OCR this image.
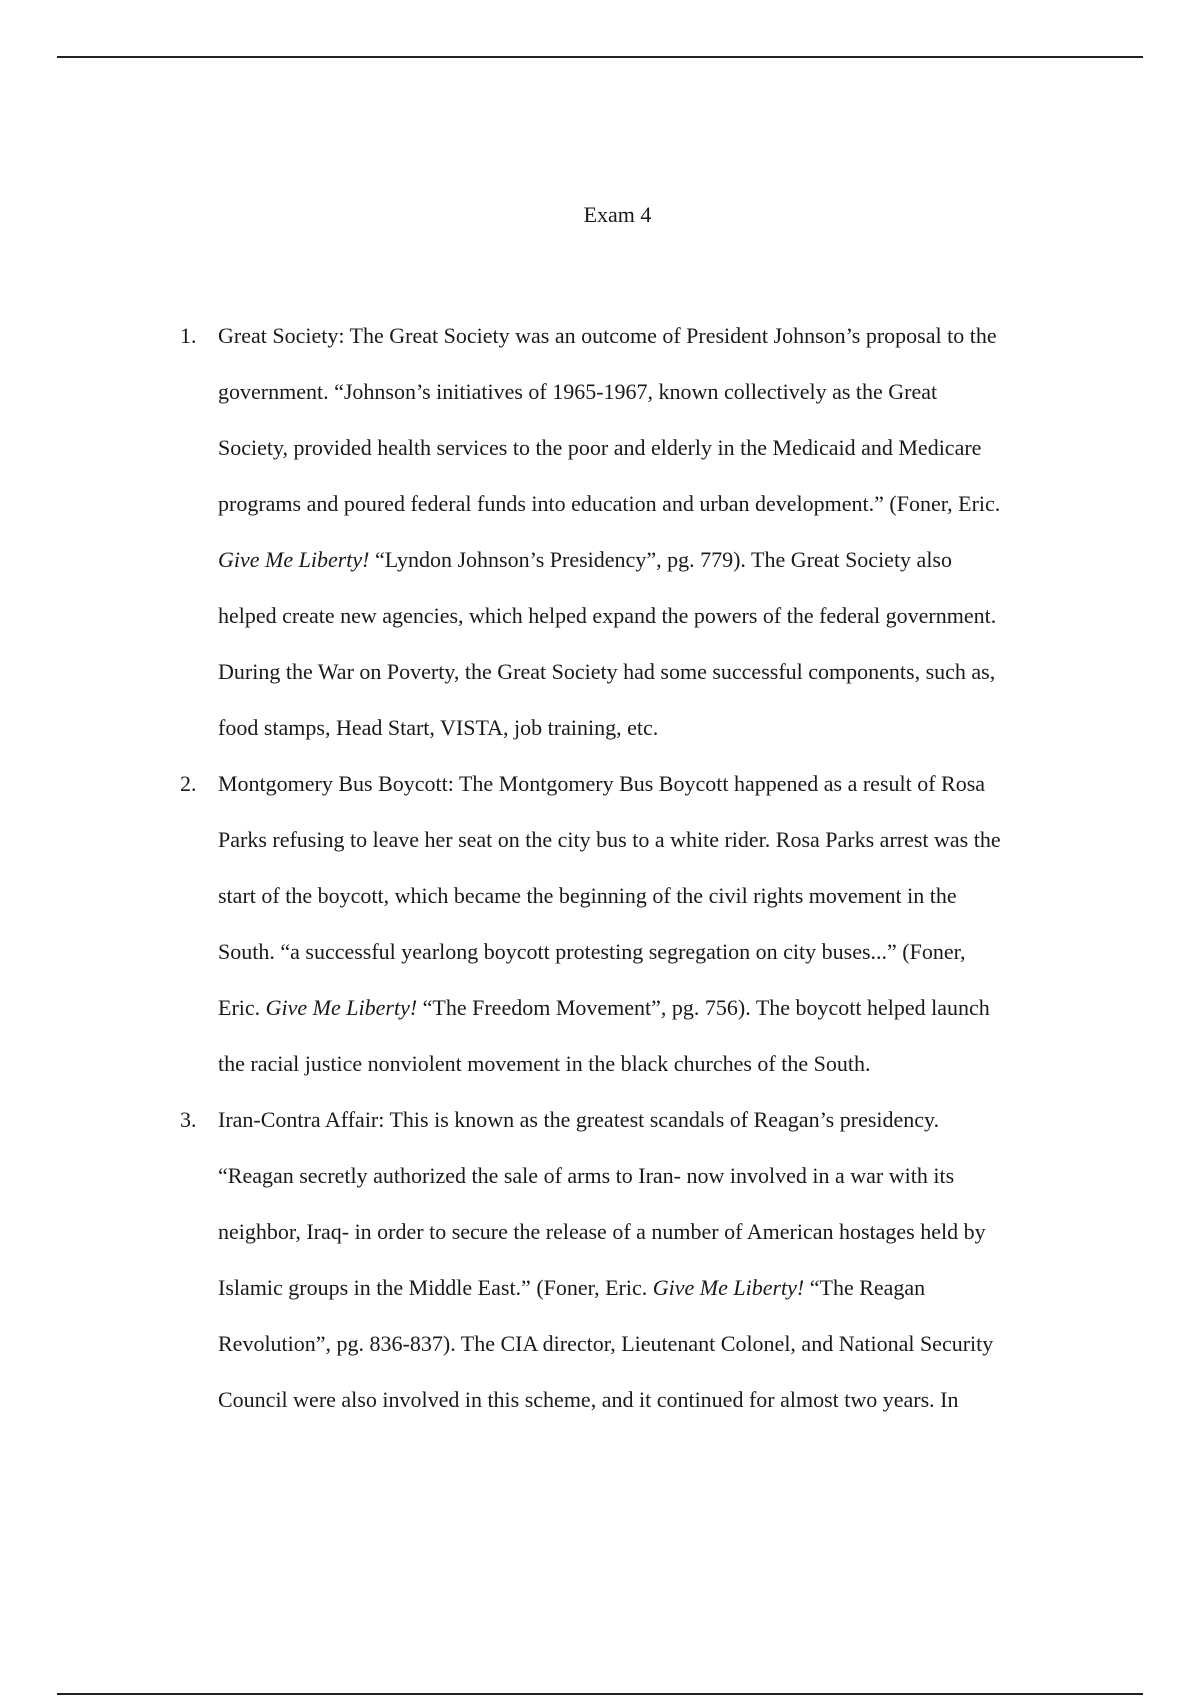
Exam 4
1. Great Society: The Great Society was an outcome of President Johnson’s proposal to the
government. “Johnson’s initiatives of 1965-1967, known collectively as the Great
Society, provided health services to the poor and elderly in the Medicaid and Medicare
programs and poured federal funds into education and urban development.” (Foner, Eric.
Give Me Liberty! “Lyndon Johnson’s Presidency”, pg. 779). The Great Society also
helped create new agencies, which helped expand the powers of the federal government.
During the War on Poverty, the Great Society had some successful components, such as,
food stamps, Head Start, VISTA, job training, etc.
2. Montgomery Bus Boycott: The Montgomery Bus Boycott happened as a result of Rosa
Parks refusing to leave her seat on the city bus to a white rider. Rosa Parks arrest was the
start of the boycott, which became the beginning of the civil rights movement in the
South. “a successful yearlong boycott protesting segregation on city buses...” (Foner,
Eric. Give Me Liberty! “The Freedom Movement”, pg. 756). The boycott helped launch
the racial justice nonviolent movement in the black churches of the South.
3. Iran-Contra Affair: This is known as the greatest scandals of Reagan’s presidency.
“Reagan secretly authorized the sale of arms to Iran- now involved in a war with its
neighbor, Iraq- in order to secure the release of a number of American hostages held by
Islamic groups in the Middle East.” (Foner, Eric. Give Me Liberty! “The Reagan
Revolution”, pg. 836-837). The CIA director, Lieutenant Colonel, and National Security
Council were also involved in this scheme, and it continued for almost two years. In
